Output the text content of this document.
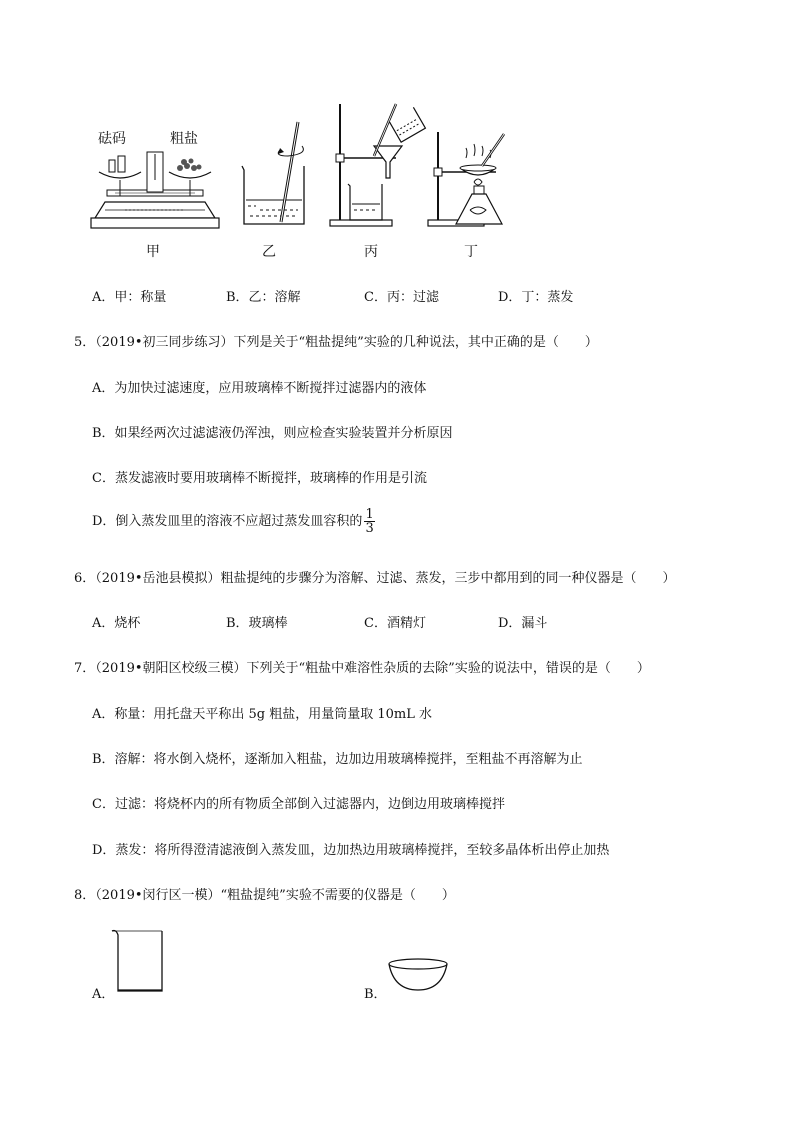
砝码	粗盐
甲	乙	丙	丁
A．甲：称量	B．乙：溶解	C．丙：过滤	D．丁：蒸发
5．（2019•初三同步练习）下列是关于“粗盐提纯”实验的几种说法，其中正确的是（　　）
A．为加快过滤速度，应用玻璃棒不断搅拌过滤器内的液体
B．如果经两次过滤滤液仍浑浊，则应检查实验装置并分析原因
C．蒸发滤液时要用玻璃棒不断搅拌，玻璃棒的作用是引流
D．倒入蒸发皿里的溶液不应超过蒸发皿容积的 $\frac{1}{3}$
6．（2019•岳池县模拟）粗盐提纯的步骤分为溶解、过滤、蒸发，三步中都用到的同一种仪器是（　　）
A．烧杯	B．玻璃棒	C．酒精灯	D．漏斗
7．（2019•朝阳区校级三模）下列关于“粗盐中难溶性杂质的去除”实验的说法中，错误的是（　　）
A．称量：用托盘天平称出 5g 粗盐，用量筒量取 10mL 水
B．溶解：将水倒入烧杯，逐渐加入粗盐，边加边用玻璃棒搅拌，至粗盐不再溶解为止
C．过滤：将烧杯内的所有物质全部倒入过滤器内，边倒边用玻璃棒搅拌
D．蒸发：将所得澄清滤液倒入蒸发皿，边加热边用玻璃棒搅拌，至较多晶体析出停止加热
8．（2019•闵行区一模）“粗盐提纯”实验不需要的仪器是（　　）
A．	B．
